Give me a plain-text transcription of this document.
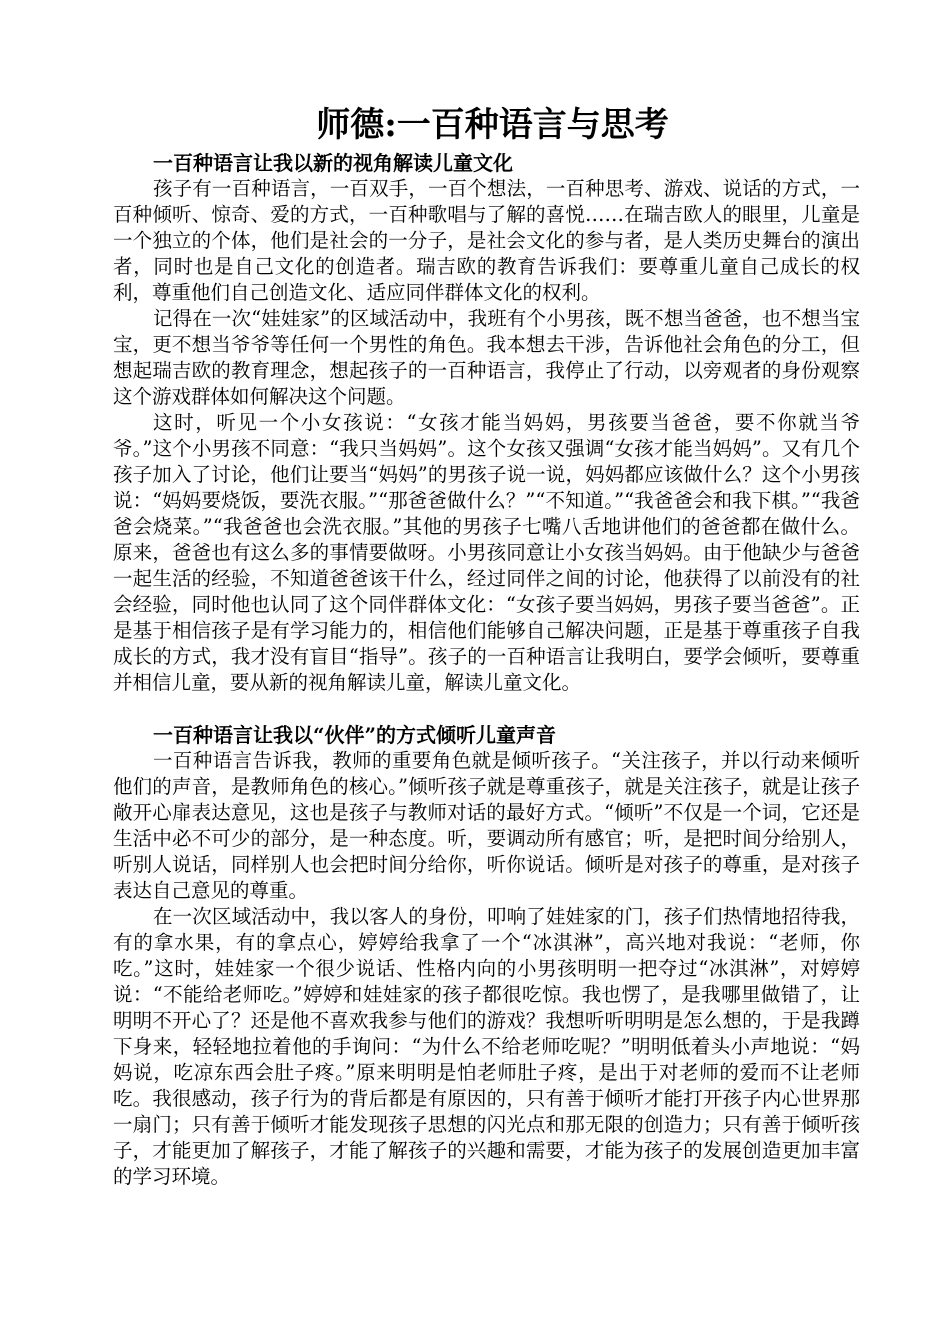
师德:一百种语言与思考

一百种语言让我以新的视角解读儿童文化

孩子有一百种语言，一百双手，一百个想法，一百种思考、游戏、说话的方式，一百种倾听、惊奇、爱的方式，一百种歌唱与了解的喜悦……在瑞吉欧人的眼里，儿童是一个独立的个体，他们是社会的一分子，是社会文化的参与者，是人类历史舞台的演出者，同时也是自己文化的创造者。瑞吉欧的教育告诉我们：要尊重儿童自己成长的权利，尊重他们自己创造文化、适应同伴群体文化的权利。

记得在一次“娃娃家”的区域活动中，我班有个小男孩，既不想当爸爸，也不想当宝宝，更不想当爷爷等任何一个男性的角色。我本想去干涉，告诉他社会角色的分工，但想起瑞吉欧的教育理念，想起孩子的一百种语言，我停止了行动，以旁观者的身份观察这个游戏群体如何解决这个问题。

这时，听见一个小女孩说：“女孩才能当妈妈，男孩要当爸爸，要不你就当爷爷。”这个小男孩不同意：“我只当妈妈”。这个女孩又强调“女孩才能当妈妈”。又有几个孩子加入了讨论，他们让要当“妈妈”的男孩子说一说，妈妈都应该做什么？这个小男孩说：“妈妈要烧饭，要洗衣服。”“那爸爸做什么？”“不知道。”“我爸爸会和我下棋。”“我爸爸会烧菜。”“我爸爸也会洗衣服。”其他的男孩子七嘴八舌地讲他们的爸爸都在做什么。原来，爸爸也有这么多的事情要做呀。小男孩同意让小女孩当妈妈。由于他缺少与爸爸一起生活的经验，不知道爸爸该干什么，经过同伴之间的讨论，他获得了以前没有的社会经验，同时他也认同了这个同伴群体文化：“女孩子要当妈妈，男孩子要当爸爸”。正是基于相信孩子是有学习能力的，相信他们能够自己解决问题，正是基于尊重孩子自我成长的方式，我才没有盲目“指导”。孩子的一百种语言让我明白，要学会倾听，要尊重并相信儿童，要从新的视角解读儿童，解读儿童文化。

一百种语言让我以“伙伴”的方式倾听儿童声音

一百种语言告诉我，教师的重要角色就是倾听孩子。“关注孩子，并以行动来倾听他们的声音，是教师角色的核心。”倾听孩子就是尊重孩子，就是关注孩子，就是让孩子敞开心扉表达意见，这也是孩子与教师对话的最好方式。“倾听”不仅是一个词，它还是生活中必不可少的部分，是一种态度。听，要调动所有感官；听，是把时间分给别人，听别人说话，同样别人也会把时间分给你，听你说话。倾听是对孩子的尊重，是对孩子表达自己意见的尊重。

在一次区域活动中，我以客人的身份，叩响了娃娃家的门，孩子们热情地招待我，有的拿水果，有的拿点心，婷婷给我拿了一个“冰淇淋”，高兴地对我说：“老师，你吃。”这时，娃娃家一个很少说话、性格内向的小男孩明明一把夺过“冰淇淋”，对婷婷说：“不能给老师吃。”婷婷和娃娃家的孩子都很吃惊。我也愣了，是我哪里做错了，让明明不开心了？还是他不喜欢我参与他们的游戏？我想听听明明是怎么想的，于是我蹲下身来，轻轻地拉着他的手询问：“为什么不给老师吃呢？”明明低着头小声地说：“妈妈说，吃凉东西会肚子疼。”原来明明是怕老师肚子疼，是出于对老师的爱而不让老师吃。我很感动，孩子行为的背后都是有原因的，只有善于倾听才能打开孩子内心世界那一扇门；只有善于倾听才能发现孩子思想的闪光点和那无限的创造力；只有善于倾听孩子，才能更加了解孩子，才能了解孩子的兴趣和需要，才能为孩子的发展创造更加丰富的学习环境。
